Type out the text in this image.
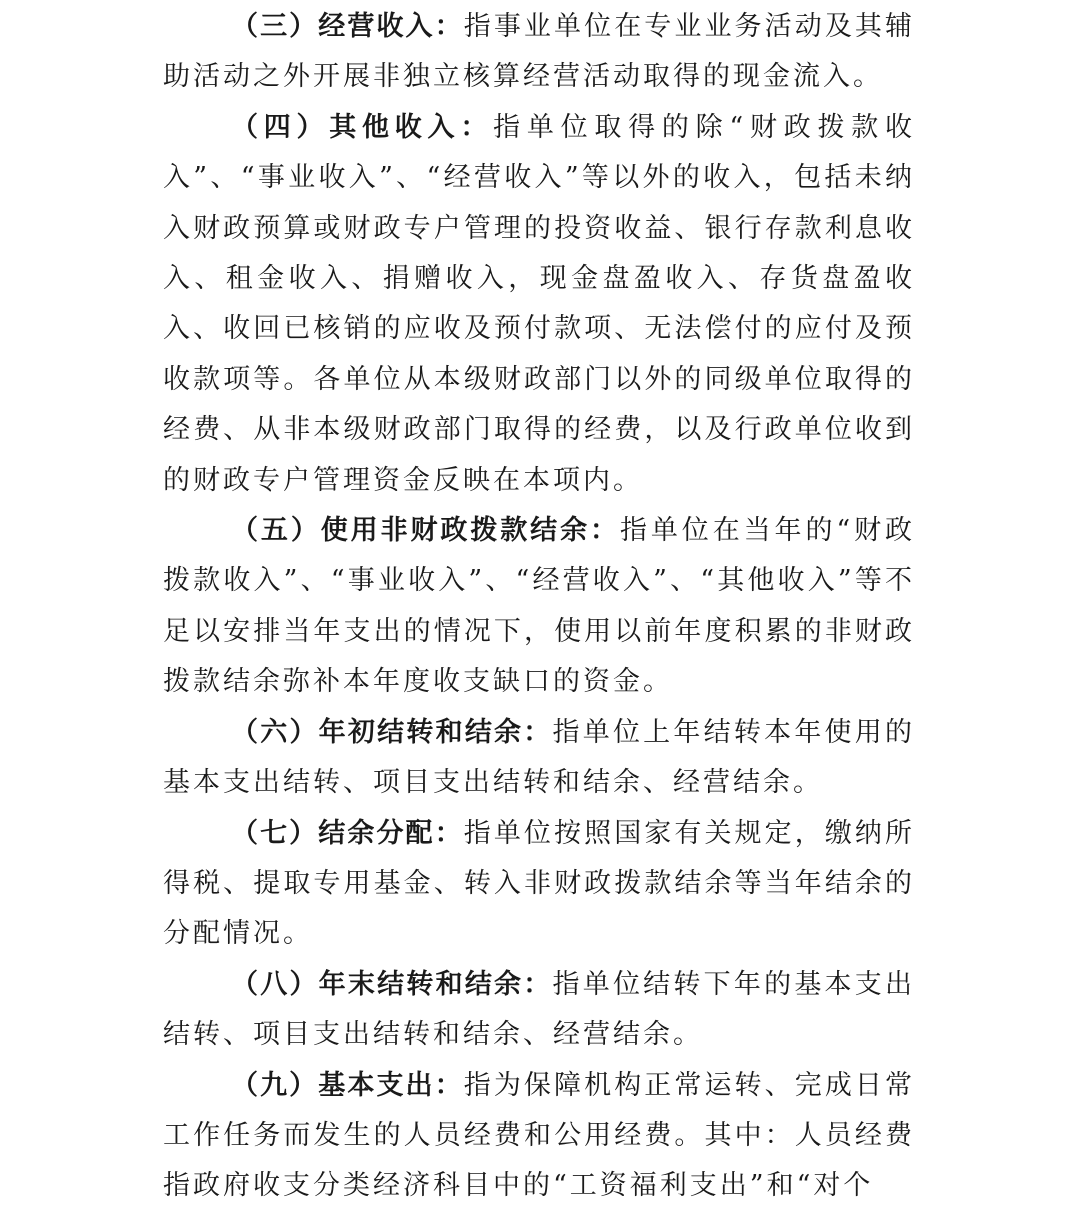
（三）经营收入：指事业单位在专业业务活动及其辅助活动之外开展非独立核算经营活动取得的现金流入。

（四）其他收入：指单位取得的除“财政拨款收入”、“事业收入”、“经营收入”等以外的收入，包括未纳入财政预算或财政专户管理的投资收益、银行存款利息收入、租金收入、捐赠收入，现金盘盈收入、存货盘盈收入、收回已核销的应收及预付款项、无法偿付的应付及预收款项等。各单位从本级财政部门以外的同级单位取得的经费、从非本级财政部门取得的经费，以及行政单位收到的财政专户管理资金反映在本项内。

（五）使用非财政拨款结余：指单位在当年的“财政拨款收入”、“事业收入”、“经营收入”、“其他收入”等不足以安排当年支出的情况下，使用以前年度积累的非财政拨款结余弥补本年度收支缺口的资金。

（六）年初结转和结余：指单位上年结转本年使用的基本支出结转、项目支出结转和结余、经营结余。

（七）结余分配：指单位按照国家有关规定，缴纳所得税、提取专用基金、转入非财政拨款结余等当年结余的分配情况。

（八）年末结转和结余：指单位结转下年的基本支出结转、项目支出结转和结余、经营结余。

（九）基本支出：指为保障机构正常运转、完成日常工作任务而发生的人员经费和公用经费。其中：人员经费指政府收支分类经济科目中的“工资福利支出”和“对个
